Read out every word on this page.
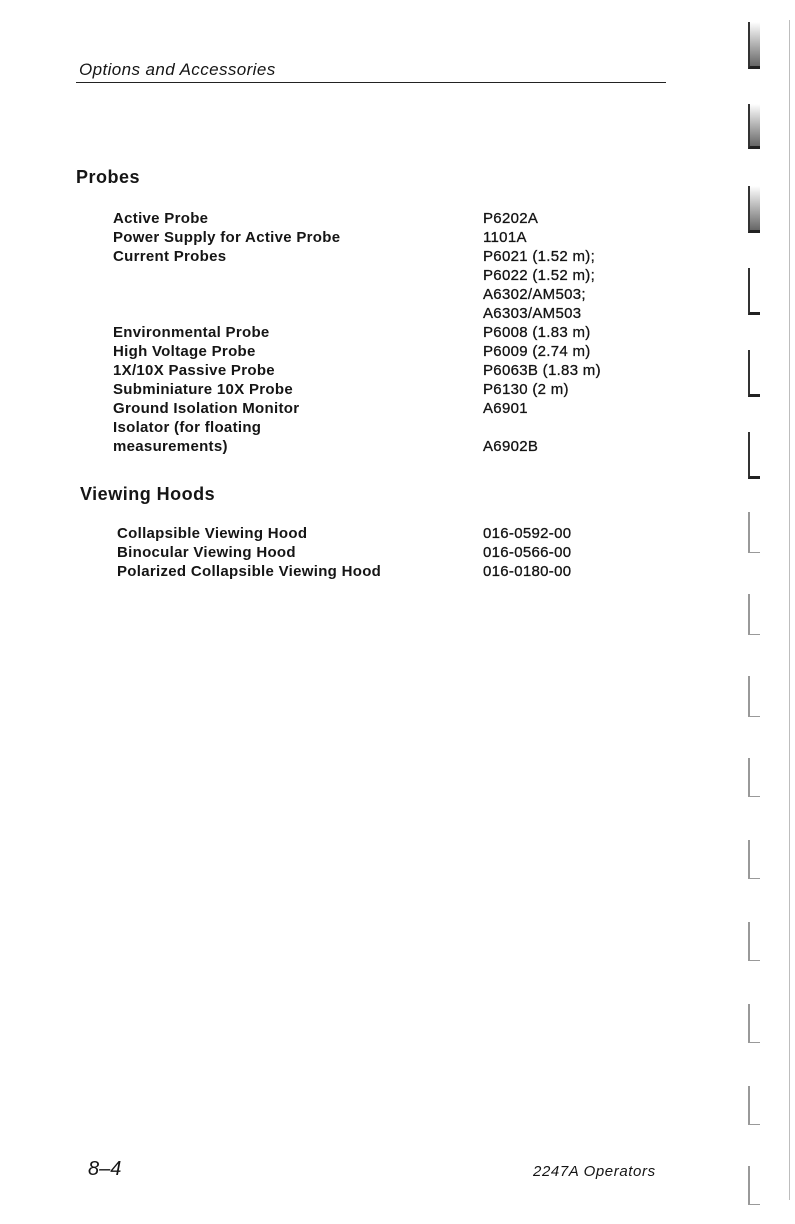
Options and Accessories
Probes
Active Probe	P6202A
Power Supply for Active Probe	1101A
Current Probes	P6021 (1.52 m);
P6022 (1.52 m);
A6302/AM503;
A6303/AM503
Environmental Probe	P6008 (1.83 m)
High Voltage Probe	P6009 (2.74 m)
1X/10X Passive Probe	P6063B (1.83 m)
Subminiature 10X Probe	P6130 (2 m)
Ground Isolation Monitor	A6901
Isolator (for floating
measurements)	A6902B
Viewing Hoods
Collapsible Viewing Hood	016-0592-00
Binocular Viewing Hood	016-0566-00
Polarized Collapsible Viewing Hood	016-0180-00
8–4	2247A Operators
